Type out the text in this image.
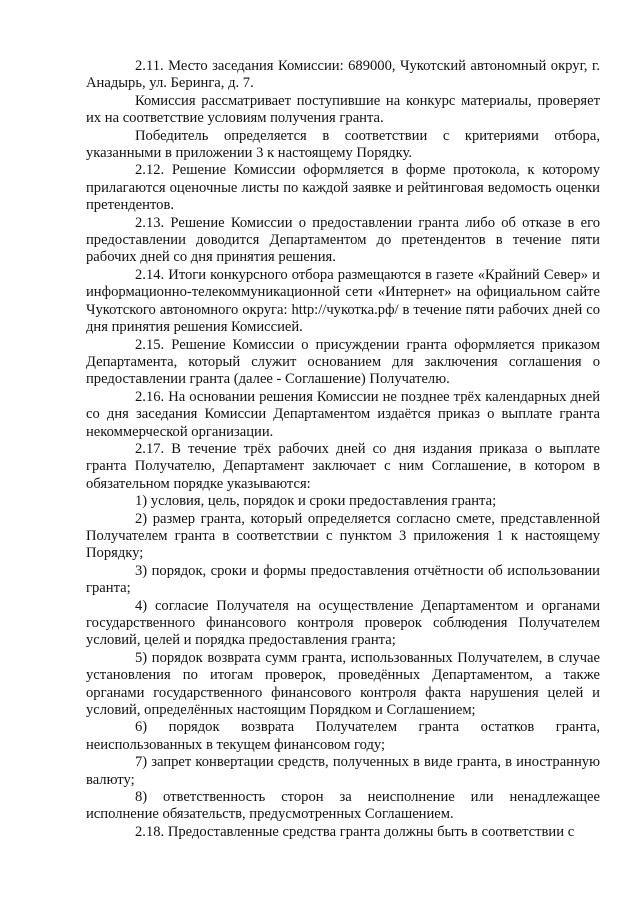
2.11. Место заседания Комиссии: 689000, Чукотский автономный округ, г. Анадырь, ул. Беринга, д. 7.

Комиссия рассматривает поступившие на конкурс материалы, проверяет их на соответствие условиям получения гранта.

Победитель определяется в соответствии с критериями отбора, указанными в приложении 3 к настоящему Порядку.

2.12. Решение Комиссии оформляется в форме протокола, к которому прилагаются оценочные листы по каждой заявке и рейтинговая ведомость оценки претендентов.

2.13. Решение Комиссии о предоставлении гранта либо об отказе в его предоставлении доводится Департаментом до претендентов в течение пяти рабочих дней со дня принятия решения.

2.14. Итоги конкурсного отбора размещаются в газете «Крайний Север» и информационно-телекоммуникационной сети «Интернет» на официальном сайте Чукотского автономного округа: http://чукотка.рф/ в течение пяти рабочих дней со дня принятия решения Комиссией.

2.15. Решение Комиссии о присуждении гранта оформляется приказом Департамента, который служит основанием для заключения соглашения о предоставлении гранта (далее - Соглашение) Получателю.

2.16. На основании решения Комиссии не позднее трёх календарных дней со дня заседания Комиссии Департаментом издаётся приказ о выплате гранта некоммерческой организации.

2.17. В течение трёх рабочих дней со дня издания приказа о выплате гранта Получателю, Департамент заключает с ним Соглашение, в котором в обязательном порядке указываются:

1) условия, цель, порядок и сроки предоставления гранта;

2) размер гранта, который определяется согласно смете, представленной Получателем гранта в соответствии с пунктом 3 приложения 1 к настоящему Порядку;

3) порядок, сроки и формы предоставления отчётности об использовании гранта;

4) согласие Получателя на осуществление Департаментом и органами государственного финансового контроля проверок соблюдения Получателем условий, целей и порядка предоставления гранта;

5) порядок возврата сумм гранта, использованных Получателем, в случае установления по итогам проверок, проведённых Департаментом, а также органами государственного финансового контроля факта нарушения целей и условий, определённых настоящим Порядком и Соглашением;

6) порядок возврата Получателем гранта остатков гранта, неиспользованных в текущем финансовом году;

7) запрет конвертации средств, полученных в виде гранта, в иностранную валюту;

8) ответственность сторон за неисполнение или ненадлежащее исполнение обязательств, предусмотренных Соглашением.

2.18. Предоставленные средства гранта должны быть в соответствии с
